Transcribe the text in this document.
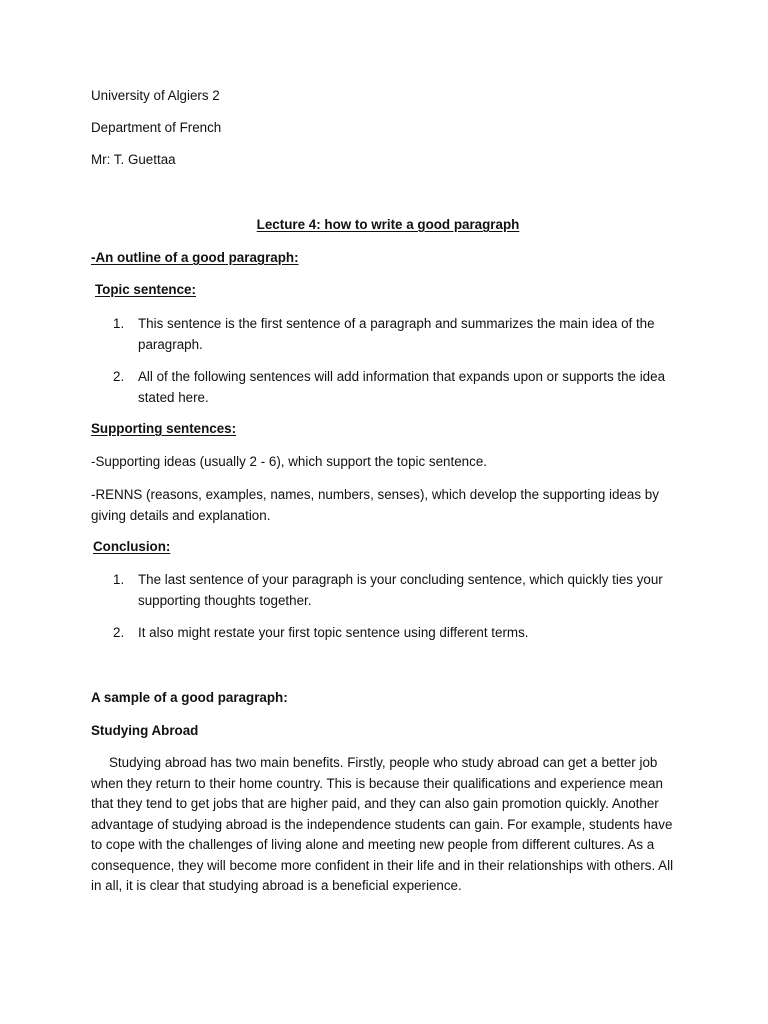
University of Algiers 2

Department of French

Mr: T. Guettaa

Lecture 4: how to write a good paragraph

-An outline of a good paragraph:

Topic sentence:

1. This sentence is the first sentence of a paragraph and summarizes the main idea of the paragraph.
2. All of the following sentences will add information that expands upon or supports the idea stated here.

Supporting sentences:

-Supporting ideas (usually 2 - 6), which support the topic sentence.

-RENNS (reasons, examples, names, numbers, senses), which develop the supporting ideas by giving details and explanation.

Conclusion:

1. The last sentence of your paragraph is your concluding sentence, which quickly ties your supporting thoughts together.
2. It also might restate your first topic sentence using different terms.

A sample of a good paragraph:

Studying Abroad

Studying abroad has two main benefits. Firstly, people who study abroad can get a better job when they return to their home country. This is because their qualifications and experience mean that they tend to get jobs that are higher paid, and they can also gain promotion quickly. Another advantage of studying abroad is the independence students can gain. For example, students have to cope with the challenges of living alone and meeting new people from different cultures. As a consequence, they will become more confident in their life and in their relationships with others. All in all, it is clear that studying abroad is a beneficial experience.
